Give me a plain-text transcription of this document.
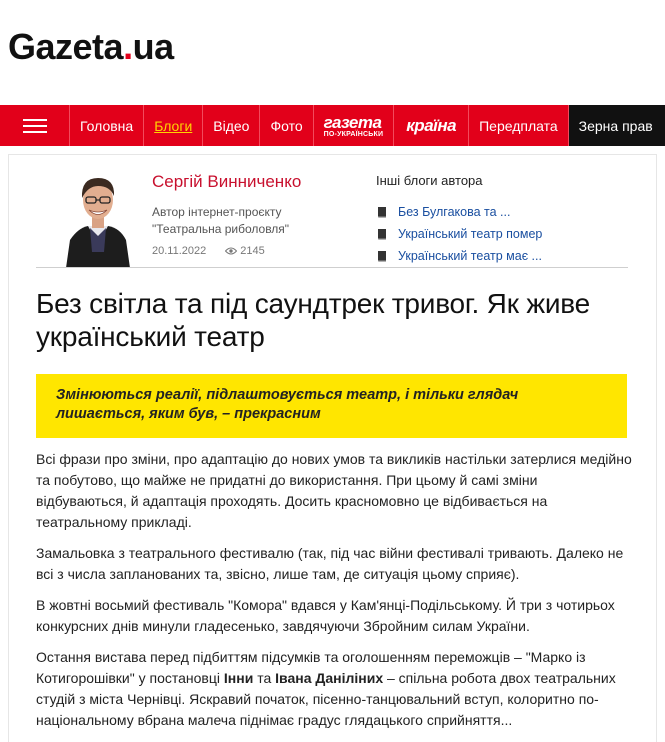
Gazeta.ua
Головна Блоги Відео Фото газета
ПО-УКРАЇНСЬКИ	країна	Передплата Зерна прав
Сергій Винниченко
Автор інтернет-проєкту
"Театральна риболовля"
20.11.2022	2145
Інші блоги автора
Без Булгакова та ...
Український театр помер
Український театр має ...
Без світла та під саундтрек тривог. Як живе український театр
Змінюються реалії, підлаштовується театр, і тільки глядач лишається, яким був, – прекрасним

Всі фрази про зміни, про адаптацію до нових умов та викликів настільки затерлися медійно та побутово, що майже не придатні до використання. При цьому й самі зміни відбуваються, й адаптація проходять. Досить красномовно це відбивається на театральному прикладі.

Замальовка з театрального фестивалю (так, під час війни фестивалі тривають. Далеко не всі з числа запланованих та, звісно, лише там, де ситуація цьому сприяє).

В жовтні восьмий фестиваль "Комора" вдався у Кам'янці-Подільському. Й три з чотирьох конкурсних днів минули гладесенько, завдячуючи Збройним силам України.

Остання вистава перед підбиттям підсумків та оголошенням переможців – "Марко із Котигорошівки" у постановці Інни та Івана Данілiних – спільна робота двох театральних студій з міста Чернівці. Яскравий початок, пісенно-танцювальний вступ, колоритно по-національному вбрана малеча піднімає градус глядацького сприйняття...
